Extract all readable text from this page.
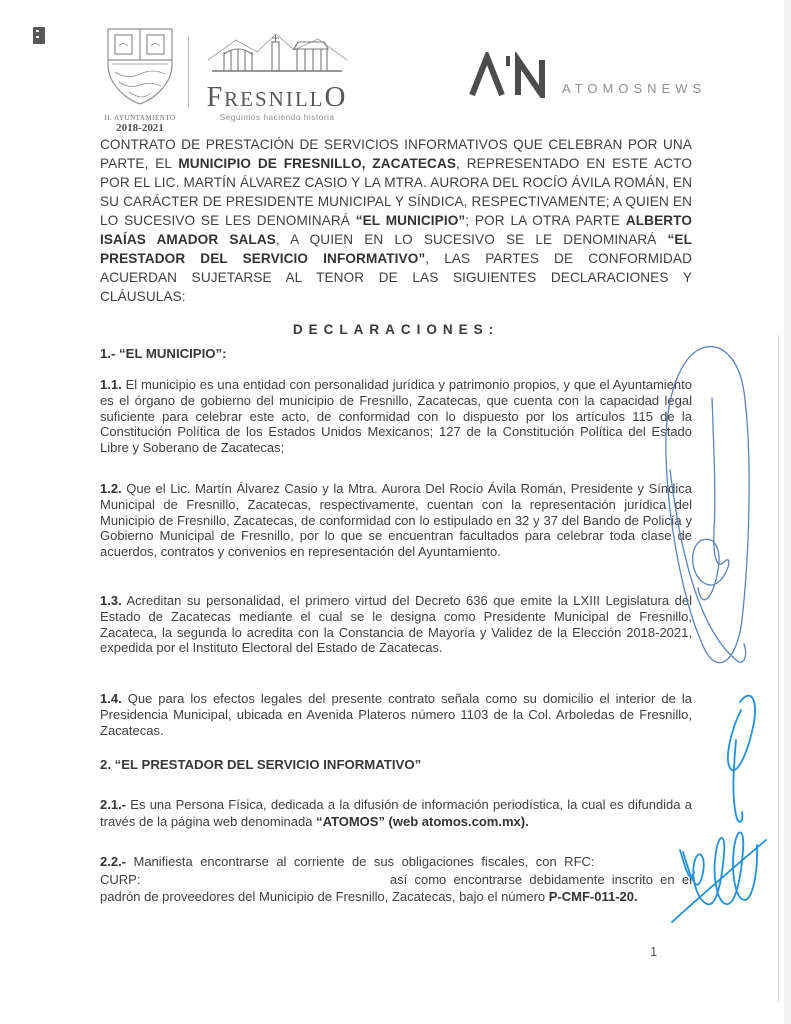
H. AYUNTAMIENTO
2018-2021
FRESNILLO
Seguimos haciendo historia
ATOMOSNEWS
CONTRATO DE PRESTACIÓN DE SERVICIOS INFORMATIVOS QUE CELEBRAN POR UNA PARTE, EL MUNICIPIO DE FRESNILLO, ZACATECAS, REPRESENTADO EN ESTE ACTO POR EL LIC. MARTÍN ÁLVAREZ CASIO Y LA MTRA. AURORA DEL ROCÍO ÁVILA ROMÁN, EN SU CARÁCTER DE PRESIDENTE MUNICIPAL Y SÍNDICA, RESPECTIVAMENTE; A QUIEN EN LO SUCESIVO SE LES DENOMINARÁ “EL MUNICIPIO”; POR LA OTRA PARTE ALBERTO ISAÍAS AMADOR SALAS, A QUIEN EN LO SUCESIVO SE LE DENOMINARÁ “EL PRESTADOR DEL SERVICIO INFORMATIVO”, LAS PARTES DE CONFORMIDAD ACUERDAN SUJETARSE AL TENOR DE LAS SIGUIENTES DECLARACIONES Y CLÁUSULAS:
DECLARACIONES:
1.- “EL MUNICIPIO”:
1.1. El municipio es una entidad con personalidad jurídica y patrimonio propios, y que el Ayuntamiento es el órgano de gobierno del municipio de Fresnillo, Zacatecas, que cuenta con la capacidad legal suficiente para celebrar este acto, de conformidad con lo dispuesto por los artículos 115 de la Constitución Política de los Estados Unidos Mexicanos; 127 de la Constitución Política del Estado Libre y Soberano de Zacatecas;
1.2. Que el Lic. Martín Álvarez Casio y la Mtra. Aurora Del Rocío Ávila Román, Presidente y Síndica Municipal de Fresnillo, Zacatecas, respectivamente, cuentan con la representación jurídica del Municipio de Fresnillo, Zacatecas, de conformidad con lo estipulado en 32 y 37 del Bando de Policía y Gobierno Municipal de Fresnillo, por lo que se encuentran facultados para celebrar toda clase de acuerdos, contratos y convenios en representación del Ayuntamiento.
1.3. Acreditan su personalidad, el primero virtud del Decreto 636 que emite la LXIII Legislatura del Estado de Zacatecas mediante el cual se le designa como Presidente Municipal de Fresnillo, Zacateca, la segunda lo acredita con la Constancia de Mayoría y Validez de la Elección 2018-2021, expedida por el Instituto Electoral del Estado de Zacatecas.
1.4. Que para los efectos legales del presente contrato señala como su domicilio el interior de la Presidencia Municipal, ubicada en Avenida Plateros número 1103 de la Col. Arboledas de Fresnillo, Zacatecas.
2. “EL PRESTADOR DEL SERVICIO INFORMATIVO”
2.1.- Es una Persona Física, dedicada a la difusión de información periodística, la cual es difundida a través de la página web denominada “ATOMOS” (web atomos.com.mx).
2.2.- Manifiesta encontrarse al corriente de sus obligaciones fiscales, con RFC:  CURP:	así como encontrarse debidamente inscrito en el padrón de proveedores del Municipio de Fresnillo, Zacatecas, bajo el número P-CMF-011-20.
1
